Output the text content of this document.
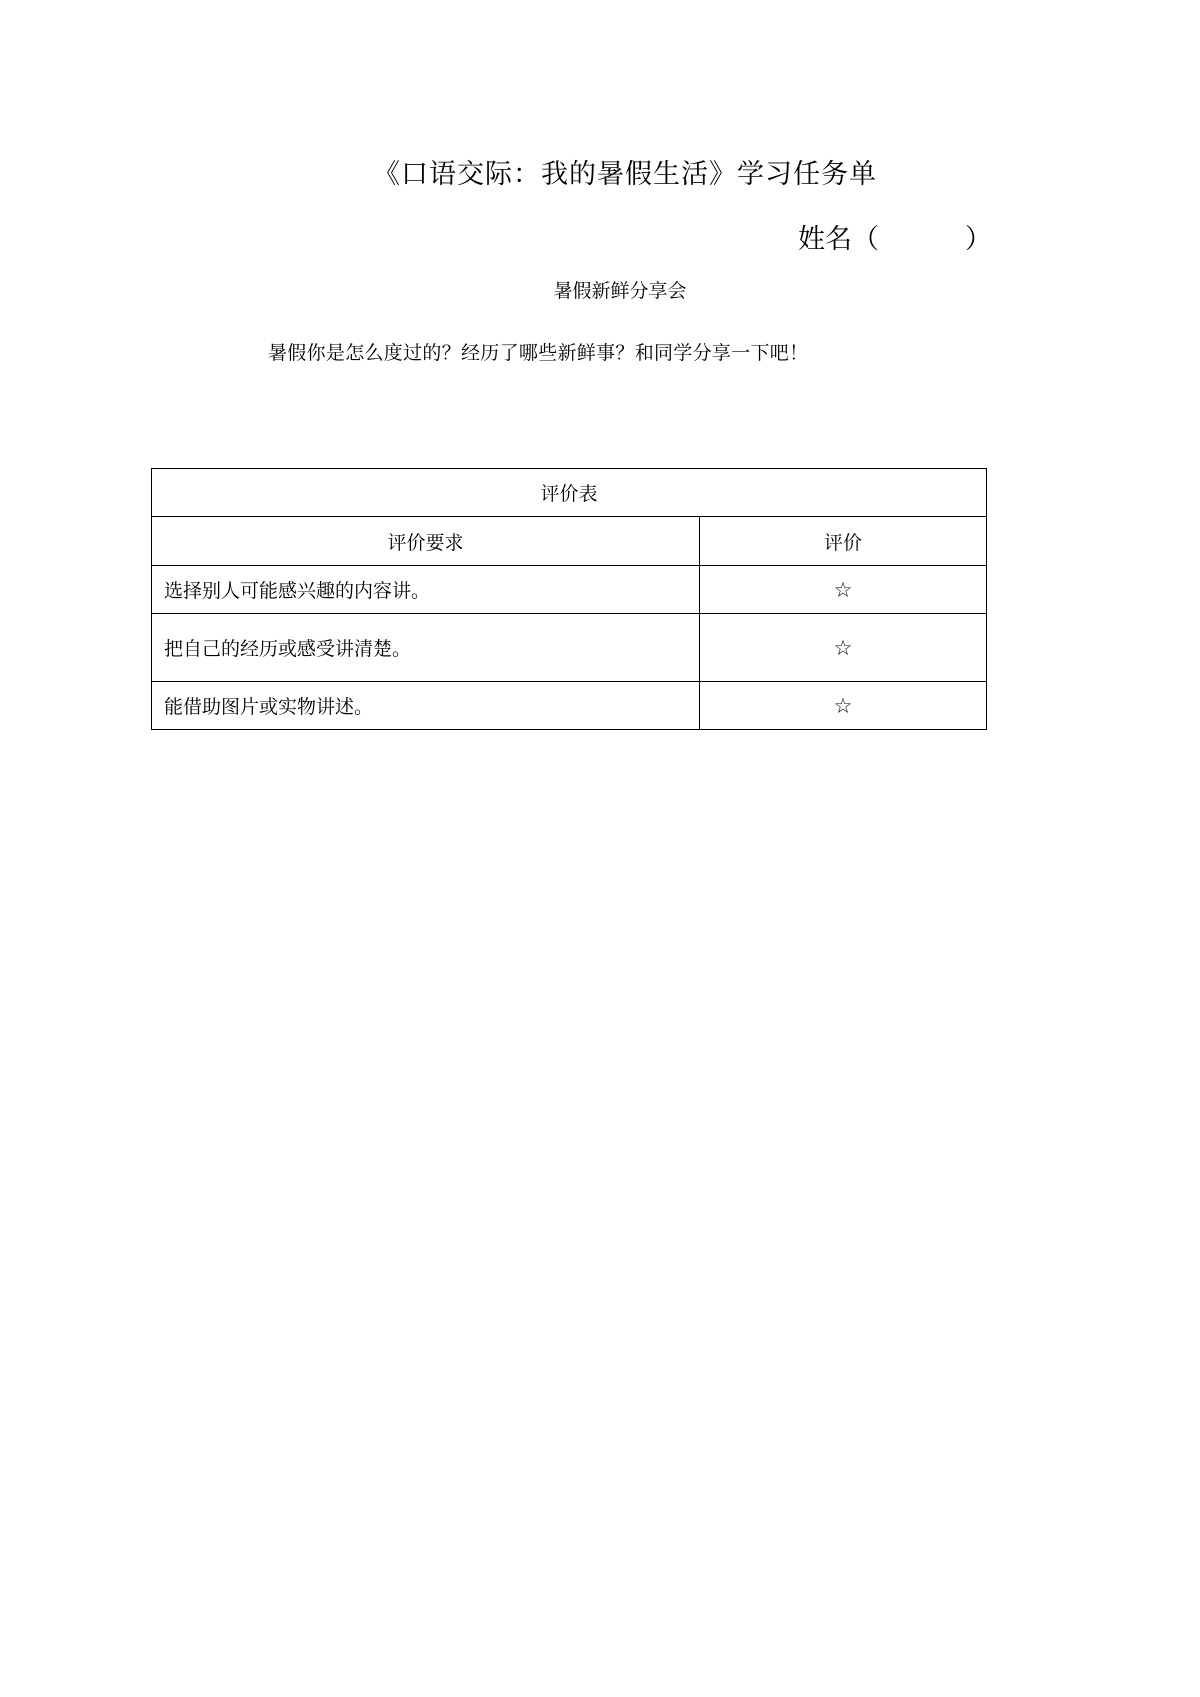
《口语交际：我的暑假生活》学习任务单
姓名（          ）
暑假新鲜分享会
暑假你是怎么度过的？经历了哪些新鲜事？和同学分享一下吧！
评价表	
评价要求	评价
选择别人可能感兴趣的内容讲。	☆
把自己的经历或感受讲清楚。	☆
能借助图片或实物讲述。	☆
